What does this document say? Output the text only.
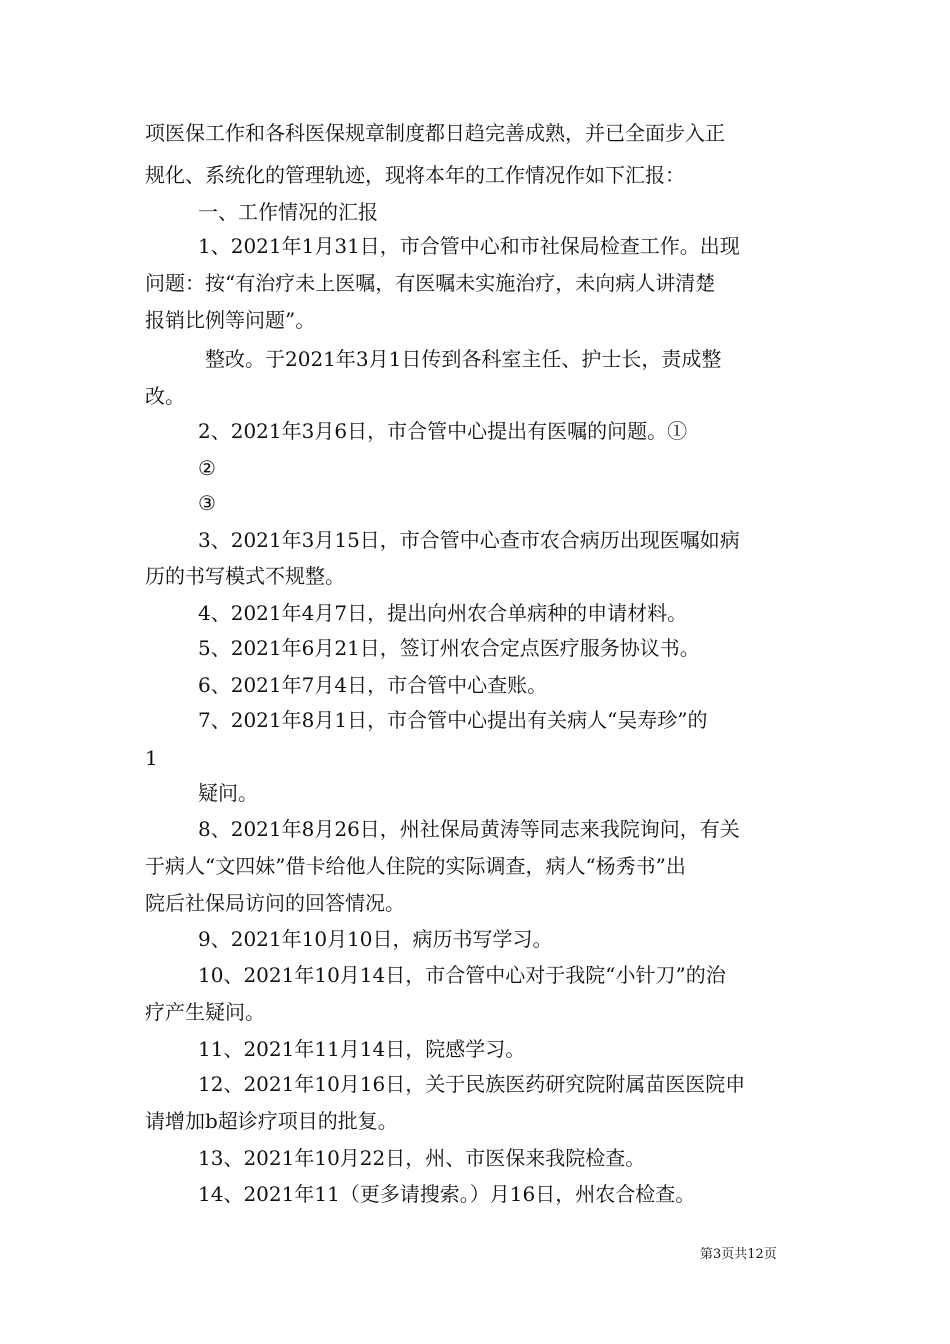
项医保工作和各科医保规章制度都日趋完善成熟，并已全面步入正
规化、系统化的管理轨迹，现将本年的工作情况作如下汇报：
一、工作情况的汇报
1、2021年1月31日，市合管中心和市社保局检查工作。出现
问题：按“有治疗未上医嘱，有医嘱未实施治疗，未向病人讲清楚
报销比例等问题”。
整改。于2021年3月1日传到各科室主任、护士长，责成整
改。
2、2021年3月6日，市合管中心提出有医嘱的问题。①
②
③
3、2021年3月15日，市合管中心查市农合病历出现医嘱如病
历的书写模式不规整。
4、2021年4月7日，提出向州农合单病种的申请材料。
5、2021年6月21日，签订州农合定点医疗服务协议书。
6、2021年7月4日，市合管中心查账。
7、2021年8月1日，市合管中心提出有关病人“吴寿珍”的
1
疑问。
8、2021年8月26日，州社保局黄涛等同志来我院询问，有关
于病人“文四妹”借卡给他人住院的实际调查，病人“杨秀书”出
院后社保局访问的回答情况。
9、2021年10月10日，病历书写学习。
10、2021年10月14日，市合管中心对于我院“小针刀”的治
疗产生疑问。
11、2021年11月14日，院感学习。
12、2021年10月16日，关于民族医药研究院附属苗医医院申
请增加b超诊疗项目的批复。
13、2021年10月22日，州、市医保来我院检查。
14、2021年11（更多请搜索。）月16日，州农合检查。
第3页共12页
